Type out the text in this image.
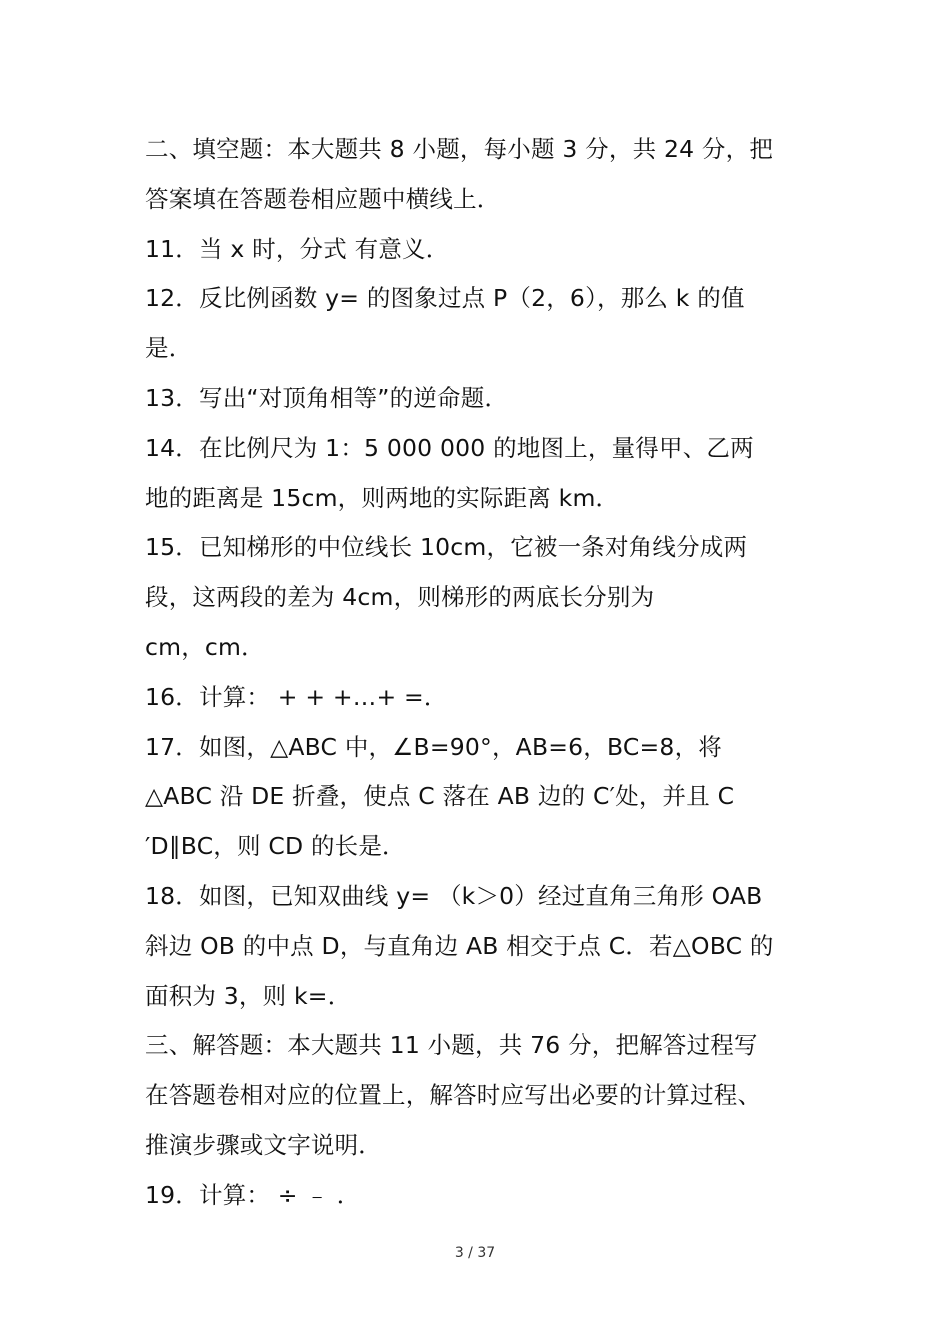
二、填空题：本大题共 8 小题，每小题 3 分，共 24 分，把
答案填在答题卷相应题中横线上．
11．当 x 时，分式 有意义．
12．反比例函数 y= 的图象过点 P（2，6），那么 k 的值
是．
13．写出“对顶角相等”的逆命题．
14．在比例尺为 1：5 000 000 的地图上，量得甲、乙两
地的距离是 15cm，则两地的实际距离 km．
15．已知梯形的中位线长 10cm，它被一条对角线分成两
段，这两段的差为 4cm，则梯形的两底长分别为
cm，cm．
16．计算： + + +…+ =．
17．如图，△ABC 中，∠B=90°，AB=6，BC=8，将
△ABC 沿 DE 折叠，使点 C 落在 AB 边的 C′处，并且 C
′D∥BC，则 CD 的长是．
18．如图，已知双曲线 y= （k＞0）经过直角三角形 OAB
斜边 OB 的中点 D，与直角边 AB 相交于点 C．若△OBC 的
面积为 3，则 k=．
三、解答题：本大题共 11 小题，共 76 分，把解答过程写
在答题卷相对应的位置上，解答时应写出必要的计算过程、
推演步骤或文字说明．
19．计算： ÷ ﹣ ．
3 / 37
